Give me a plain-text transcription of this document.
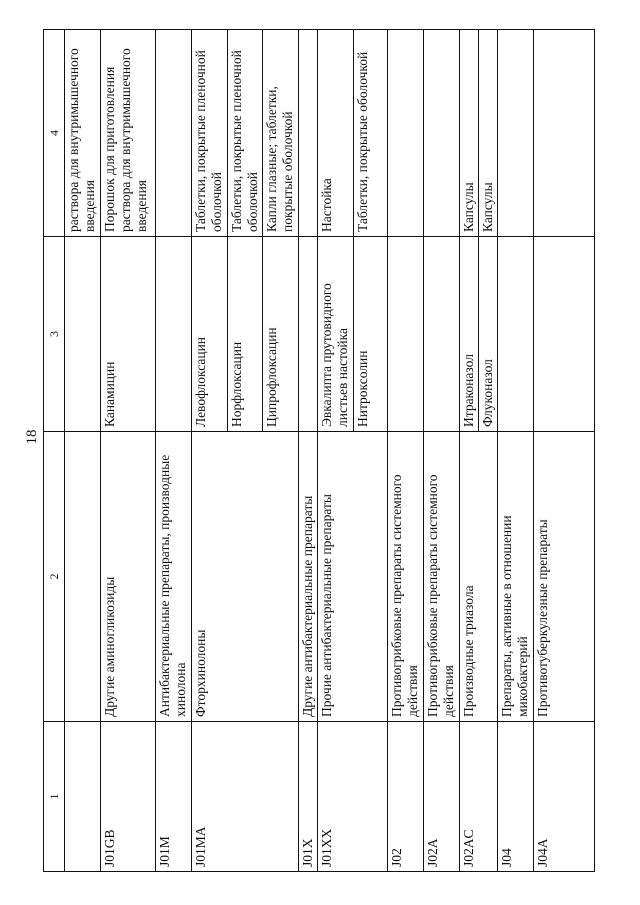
18
1	2	3	4
			раствора для внутримышечного введения
J01GB	Другие аминогликозиды	Канамицин	Порошок для приготовления раствора для внутримышечного введения
J01M	Антибактериальные препараты, производные хинолона		
J01MA	Фторхинолоны	Левофлоксацин	Таблетки, покрытые пленочной оболочкой
		Норфлоксацин	Таблетки, покрытые пленочной оболочкой
		Ципрофлоксацин	Капли глазные; таблетки, покрытые оболочкой
J01X	Другие антибактериальные препараты		
J01XX	Прочие антибактериальные препараты	Эвкалипта прутовидного листьев настойка	Настойка
		Нитроксолин	Таблетки, покрытые оболочкой
J02	Противогрибковые препараты системного действия		
J02A	Противогрибковые препараты системного действия		
J02AC	Производные триазола	Итраконазол	Капсулы
		Флуконазол	Капсулы
J04	Препараты, активные в отношении микобактерий		
J04A	Противотуберкулезные препараты		
